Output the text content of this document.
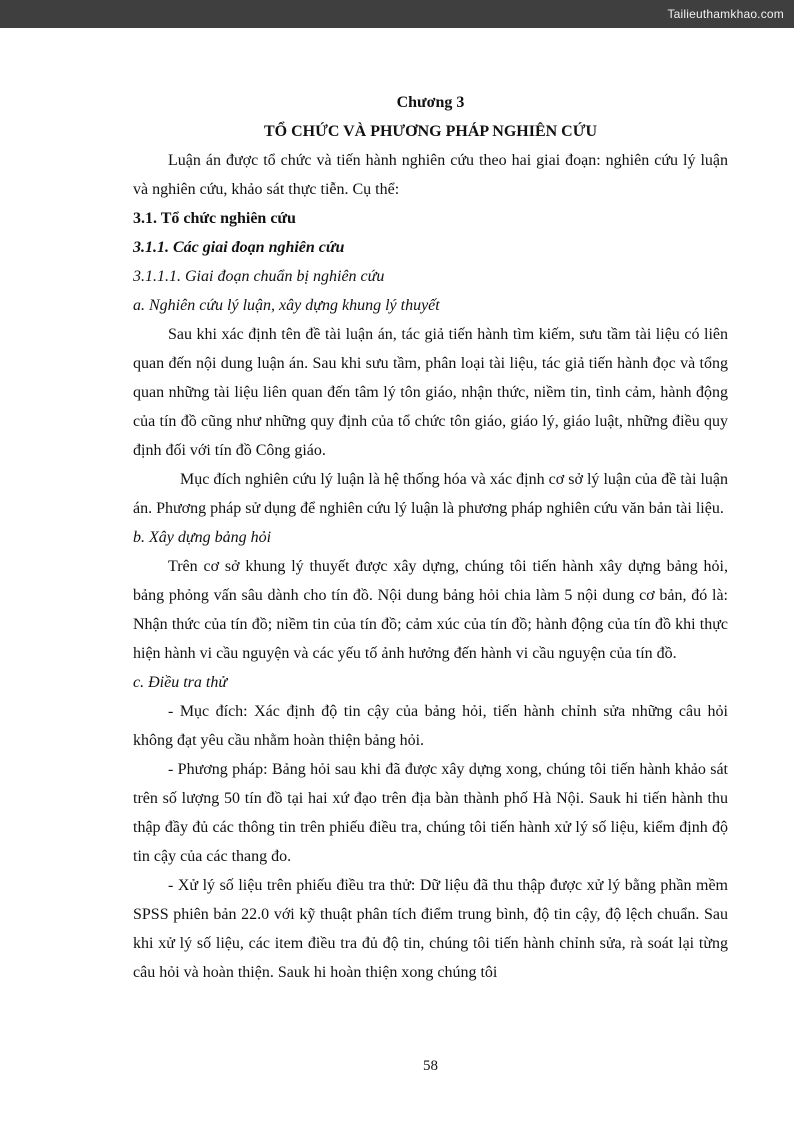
Tailieuthamkhao.com

Chương 3

TỔ CHỨC VÀ PHƯƠNG PHÁP NGHIÊN CỨU

Luận án được tổ chức và tiến hành nghiên cứu theo hai giai đoạn: nghiên cứu lý luận và nghiên cứu, khảo sát thực tiễn. Cụ thể:

3.1. Tổ chức nghiên cứu

3.1.1. Các giai đoạn nghiên cứu

3.1.1.1. Giai đoạn chuẩn bị nghiên cứu

a. Nghiên cứu lý luận, xây dựng khung lý thuyết

Sau khi xác định tên đề tài luận án, tác giả tiến hành tìm kiếm, sưu tầm tài liệu có liên quan đến nội dung luận án. Sau khi sưu tầm, phân loại tài liệu, tác giả tiến hành đọc và tổng quan những tài liệu liên quan đến tâm lý tôn giáo, nhận thức, niềm tin, tình cảm, hành động của tín đồ cũng như những quy định của tổ chức tôn giáo, giáo lý, giáo luật, những điều quy định đối với tín đồ Công giáo.

Mục đích nghiên cứu lý luận là hệ thống hóa và xác định cơ sở lý luận của đề tài luận án. Phương pháp sử dụng để nghiên cứu lý luận là phương pháp nghiên cứu văn bản tài liệu.

b. Xây dựng bảng hỏi

Trên cơ sở khung lý thuyết được xây dựng, chúng tôi tiến hành xây dựng bảng hỏi, bảng phỏng vấn sâu dành cho tín đồ. Nội dung bảng hỏi chia làm 5 nội dung cơ bản, đó là: Nhận thức của tín đồ; niềm tin của tín đồ; cảm xúc của tín đồ; hành động của tín đồ khi thực hiện hành vi cầu nguyện và các yếu tố ảnh hưởng đến hành vi cầu nguyện của tín đồ.

c. Điều tra thử

- Mục đích: Xác định độ tin cậy của bảng hỏi, tiến hành chỉnh sửa những câu hỏi không đạt yêu cầu nhằm hoàn thiện bảng hỏi.

- Phương pháp: Bảng hỏi sau khi đã được xây dựng xong, chúng tôi tiến hành khảo sát trên số lượng 50 tín đồ tại hai xứ đạo trên địa bàn thành phố Hà Nội. Sauk hi tiến hành thu thập đầy đủ các thông tin trên phiếu điều tra, chúng tôi tiến hành xử lý số liệu, kiểm định độ tin cậy của các thang đo.

- Xử lý số liệu trên phiếu điều tra thử: Dữ liệu đã thu thập được xử lý bằng phần mềm SPSS phiên bản 22.0 với kỹ thuật phân tích điểm trung bình, độ tin cậy, độ lệch chuẩn. Sau khi xử lý số liệu, các item điều tra đủ độ tin, chúng tôi tiến hành chỉnh sửa, rà soát lại từng câu hỏi và hoàn thiện. Sauk hi hoàn thiện xong chúng tôi

58
